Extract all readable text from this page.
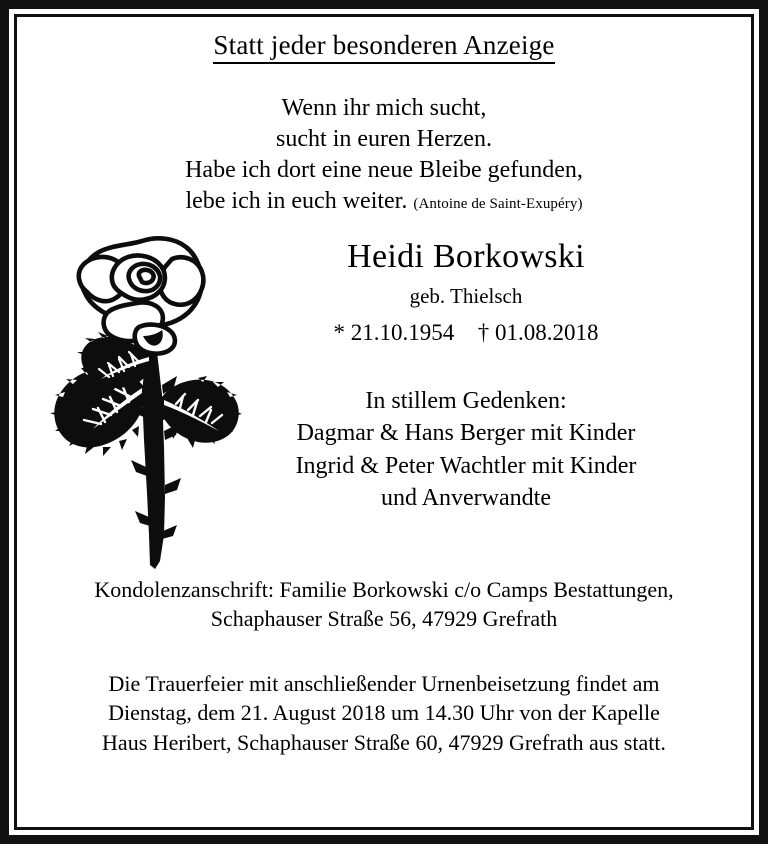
Statt jeder besonderen Anzeige
Wenn ihr mich sucht,
sucht in euren Herzen.
Habe ich dort eine neue Bleibe gefunden,
lebe ich in euch weiter. (Antoine de Saint-Exupéry)
Heidi Borkowski
geb. Thielsch
* 21.10.1954 † 01.08.2018
In stillem Gedenken:
Dagmar & Hans Berger mit Kinder
Ingrid & Peter Wachtler mit Kinder
und Anverwandte
Kondolenzanschrift: Familie Borkowski c/o Camps Bestattungen,
Schaphauser Straße 56, 47929 Grefrath
Die Trauerfeier mit anschließender Urnenbeisetzung findet am
Dienstag, dem 21. August 2018 um 14.30 Uhr von der Kapelle
Haus Heribert, Schaphauser Straße 60, 47929 Grefrath aus statt.
